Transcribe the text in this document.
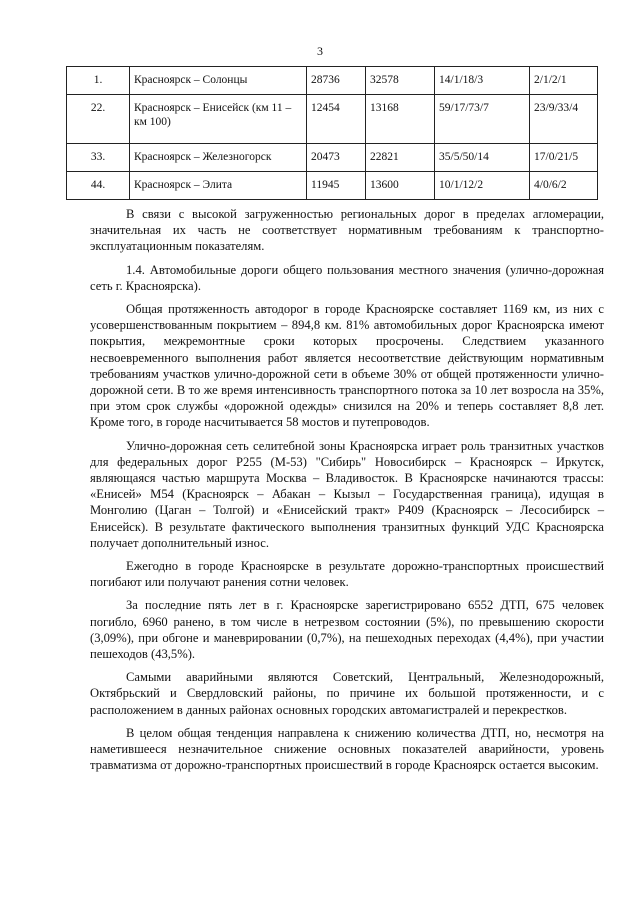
3
1.	Красноярск – Солонцы	28736	32578	14/1/18/3	2/1/2/1
22.	Красноярск – Енисейск (км 11 – км 100)	12454	13168	59/17/73/7	23/9/33/4
33.	Красноярск – Железногорск	20473	22821	35/5/50/14	17/0/21/5
44.	Красноярск – Элита	11945	13600	10/1/12/2	4/0/6/2

В связи с высокой загруженностью региональных дорог в пределах агломерации, значительная их часть не соответствует нормативным требованиям к транспортно-эксплуатационным показателям.

1.4. Автомобильные дороги общего пользования местного значения (улично-дорожная сеть г. Красноярска).

Общая протяженность автодорог в городе Красноярске составляет 1169 км, из них с усовершенствованным покрытием – 894,8 км. 81% автомобильных дорог Красноярска имеют покрытия, межремонтные сроки которых просрочены. Следствием указанного несвоевременного выполнения работ является несоответствие действующим нормативным требованиям участков улично-дорожной сети в объеме 30% от общей протяженности улично-дорожной сети. В то же время интенсивность транспортного потока за 10 лет возросла на 35%, при этом срок службы «дорожной одежды» снизился на 20% и теперь составляет 8,8 лет. Кроме того, в городе насчитывается 58 мостов и путепроводов.

Улично-дорожная сеть селитебной зоны Красноярска играет роль транзитных участков для федеральных дорог Р255 (М-53) "Сибирь" Новосибирск – Красноярск – Иркутск, являющаяся частью маршрута Москва – Владивосток. В Красноярске начинаются трассы: «Енисей» М54 (Красноярск – Абакан – Кызыл – Государственная граница), идущая в Монголию (Цаган – Толгой) и «Енисейский тракт» Р409 (Красноярск – Лесосибирск – Енисейск). В результате фактического выполнения транзитных функций УДС Красноярска получает дополнительный износ.

Ежегодно в городе Красноярске в результате дорожно-транспортных происшествий погибают или получают ранения сотни человек.

За последние пять лет в г. Красноярске зарегистрировано 6552 ДТП, 675 человек погибло, 6960 ранено, в том числе в нетрезвом состоянии (5%), по превышению скорости (3,09%), при обгоне и маневрировании (0,7%), на пешеходных переходах (4,4%), при участии пешеходов (43,5%).

Самыми аварийными являются Советский, Центральный, Железнодорожный, Октябрьский и Свердловский районы, по причине их большой протяженности, и с расположением в данных районах основных городских автомагистралей и перекрестков.

В целом общая тенденция направлена к снижению количества ДТП, но, несмотря на наметившееся незначительное снижение основных показателей аварийности, уровень травматизма от дорожно-транспортных происшествий в городе Красноярск остается высоким.
